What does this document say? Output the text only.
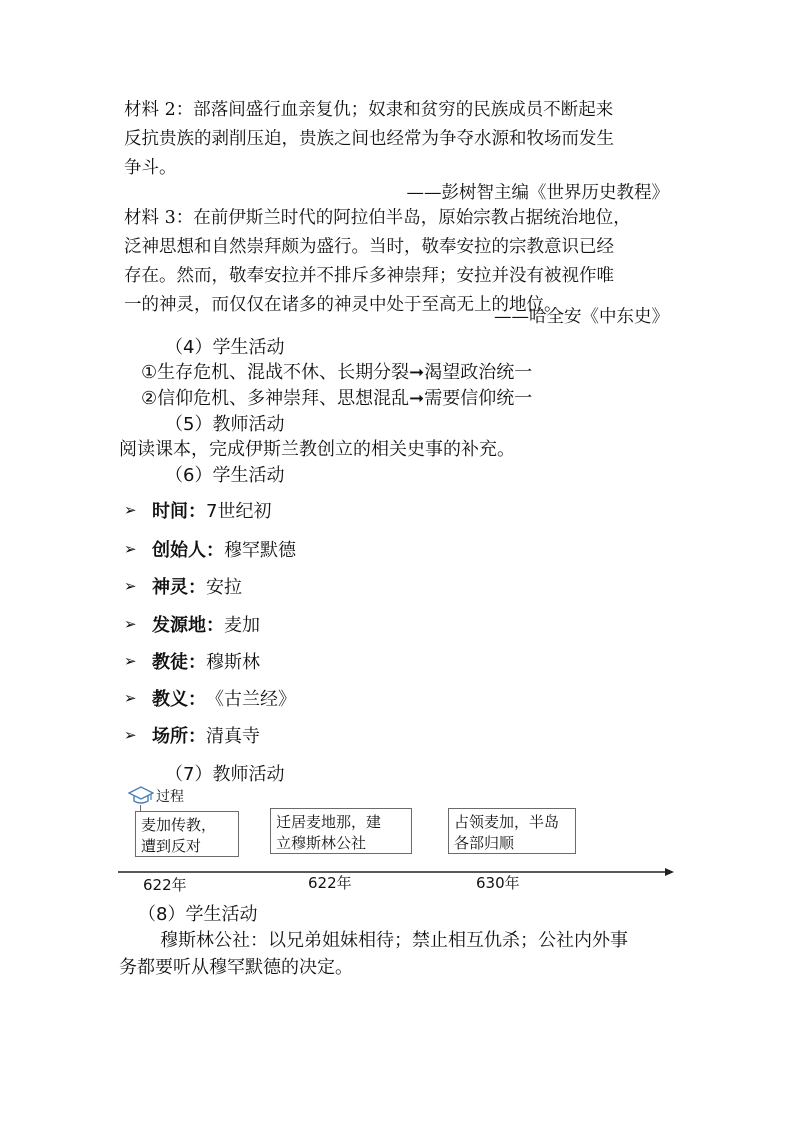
材料 2：部落间盛行血亲复仇；奴隶和贫穷的民族成员不断起来
反抗贵族的剥削压迫，贵族之间也经常为争夺水源和牧场而发生
争斗。
——彭树智主编《世界历史教程》
材料 3：在前伊斯兰时代的阿拉伯半岛，原始宗教占据统治地位，
泛神思想和自然崇拜颇为盛行。当时，敬奉安拉的宗教意识已经
存在。然而，敬奉安拉并不排斥多神崇拜；安拉并没有被视作唯
一的神灵，而仅仅在诸多的神灵中处于至高无上的地位。
——哈全安《中东史》
（4）学生活动
①生存危机、混战不休、长期分裂➞渴望政治统一
②信仰危机、多神崇拜、思想混乱➞需要信仰统一
（5）教师活动
阅读课本，完成伊斯兰教创立的相关史事的补充。
（6）学生活动
➢ 时间： 7世纪初
➢ 创始人： 穆罕默德
➢ 神灵： 安拉
➢ 发源地： 麦加
➢ 教徒： 穆斯林
➢ 教义： 《古兰经》
➢ 场所： 清真寺
（7）教师活动
过程
麦加传教，
遭到反对
迁居麦地那，建
立穆斯林公社
占领麦加，半岛
各部归顺
622年	622年	630年
（8）学生活动
穆斯林公社：以兄弟姐妹相待；禁止相互仇杀；公社内外事
务都要听从穆罕默德的决定。
